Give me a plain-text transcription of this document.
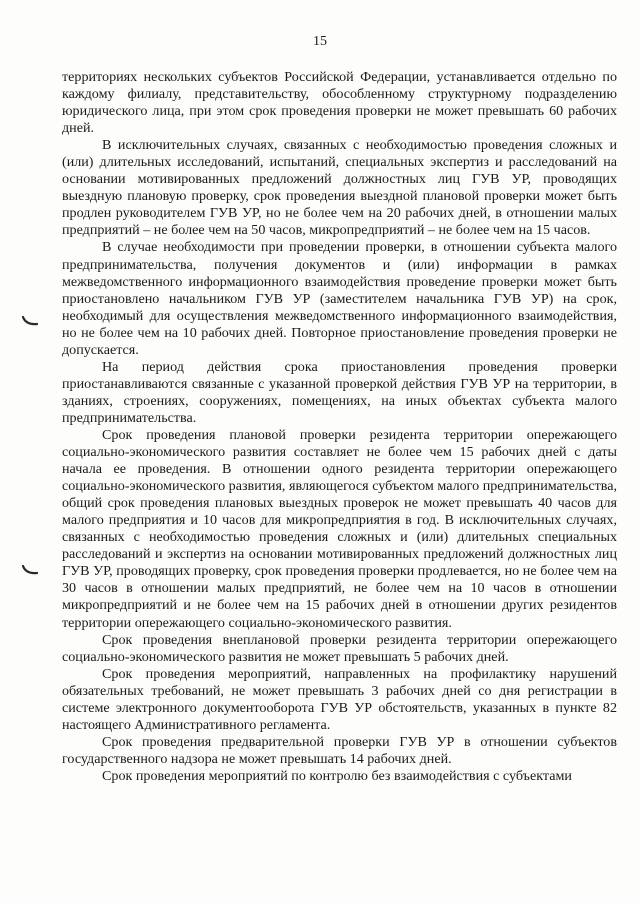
15

территориях нескольких субъектов Российской Федерации, устанавливается отдельно по каждому филиалу, представительству, обособленному структурному подразделению юридического лица, при этом срок проведения проверки не может превышать 60 рабочих дней.

В исключительных случаях, связанных с необходимостью проведения сложных и (или) длительных исследований, испытаний, специальных экспертиз и расследований на основании мотивированных предложений должностных лиц ГУВ УР, проводящих выездную плановую проверку, срок проведения выездной плановой проверки может быть продлен руководителем ГУВ УР, но не более чем на 20 рабочих дней, в отношении малых предприятий – не более чем на 50 часов, микропредприятий – не более чем на 15 часов.

В случае необходимости при проведении проверки, в отношении субъекта малого предпринимательства, получения документов и (или) информации в рамках межведомственного информационного взаимодействия проведение проверки может быть приостановлено начальником ГУВ УР (заместителем начальника ГУВ УР) на срок, необходимый для осуществления межведомственного информационного взаимодействия, но не более чем на 10 рабочих дней. Повторное приостановление проведения проверки не допускается.

На период действия срока приостановления проведения проверки приостанавливаются связанные с указанной проверкой действия ГУВ УР на территории, в зданиях, строениях, сооружениях, помещениях, на иных объектах субъекта малого предпринимательства.

Срок проведения плановой проверки резидента территории опережающего социально-экономического развития составляет не более чем 15 рабочих дней с даты начала ее проведения. В отношении одного резидента территории опережающего социально-экономического развития, являющегося субъектом малого предпринимательства, общий срок проведения плановых выездных проверок не может превышать 40 часов для малого предприятия и 10 часов для микропредприятия в год. В исключительных случаях, связанных с необходимостью проведения сложных и (или) длительных специальных расследований и экспертиз на основании мотивированных предложений должностных лиц ГУВ УР, проводящих проверку, срок проведения проверки продлевается, но не более чем на 30 часов в отношении малых предприятий, не более чем на 10 часов в отношении микропредприятий и не более чем на 15 рабочих дней в отношении других резидентов территории опережающего социально-экономического развития.

Срок проведения внеплановой проверки резидента территории опережающего социально-экономического развития не может превышать 5 рабочих дней.

Срок проведения мероприятий, направленных на профилактику нарушений обязательных требований, не может превышать 3 рабочих дней со дня регистрации в системе электронного документооборота ГУВ УР обстоятельств, указанных в пункте 82 настоящего Административного регламента.

Срок проведения предварительной проверки ГУВ УР в отношении субъектов государственного надзора не может превышать 14 рабочих дней.

Срок проведения мероприятий по контролю без взаимодействия с субъектами
